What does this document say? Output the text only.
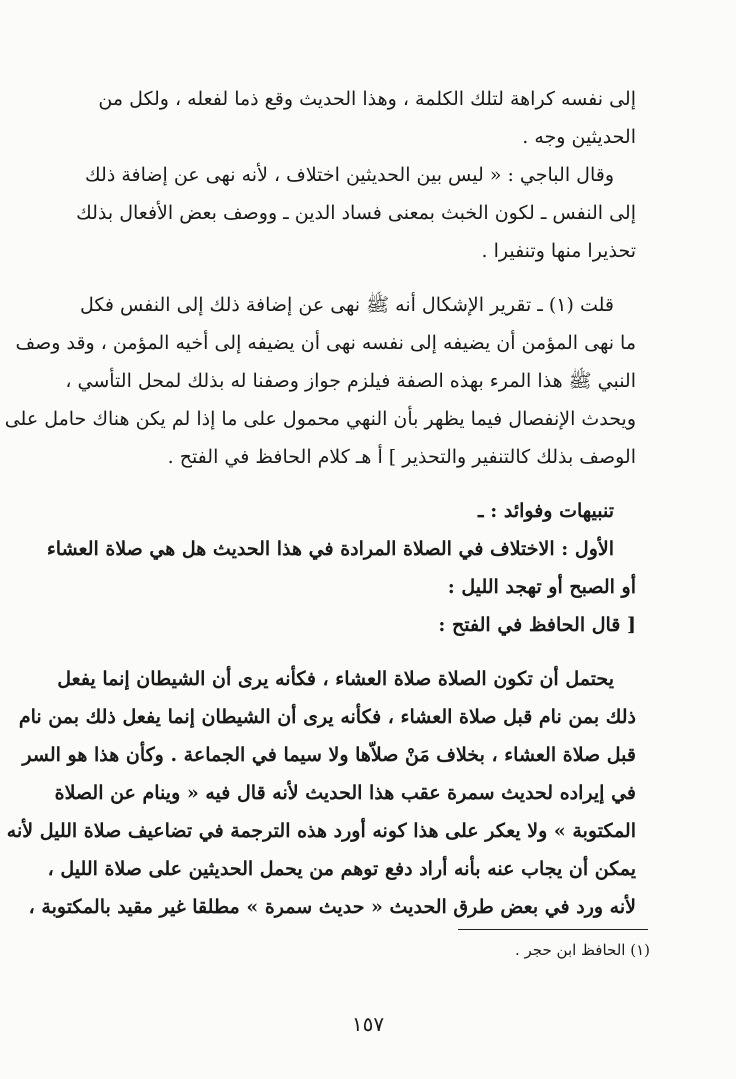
إلى نفسه كراهة لتلك الكلمة ، وهذا الحديث وقع ذما لفعله ، ولكل من
الحديثين وجه .
وقال الباجي : « ليس بين الحديثين اختلاف ، لأنه نهى عن إضافة ذلك
إلى النفس ـ لكون الخبث بمعنى فساد الدين ـ ووصف بعض الأفعال بذلك
تحذيرا منها وتنفيرا .
قلت (١) ـ تقرير الإشكال أنه ﷺ نهى عن إضافة ذلك إلى النفس فكل
ما نهى المؤمن أن يضيفه إلى نفسه نهى أن يضيفه إلى أخيه المؤمن ، وقد وصف
النبي ﷺ هذا المرء بهذه الصفة فيلزم جواز وصفنا له بذلك لمحل التأسي ،
ويحدث الإنفصال فيما يظهر بأن النهي محمول على ما إذا لم يكن هناك حامل على
الوصف بذلك كالتنفير والتحذير ] أ هـ كلام الحافظ في الفتح .
تنبيهات وفوائد : ـ
الأول : الاختلاف في الصلاة المرادة في هذا الحديث هل هي صلاة العشاء
أو الصبح أو تهجد الليل :
[ قال الحافظ في الفتح :
يحتمل أن تكون الصلاة صلاة العشاء ، فكأنه يرى أن الشيطان إنما يفعل
ذلك بمن نام قبل صلاة العشاء ، فكأنه يرى أن الشيطان إنما يفعل ذلك بمن نام
قبل صلاة العشاء ، بخلاف مَنْ صلاّها ولا سيما في الجماعة . وكأن هذا هو السر
في إيراده لحديث سمرة عقب هذا الحديث لأنه قال فيه « وينام عن الصلاة
المكتوبة » ولا يعكر على هذا كونه أورد هذه الترجمة في تضاعيف صلاة الليل لأنه
يمكن أن يجاب عنه بأنه أراد دفع توهم من يحمل الحديثين على صلاة الليل ،
لأنه ورد في بعض طرق الحديث « حديث سمرة » مطلقا غير مقيد بالمكتوبة ،
(١) الحافظ ابن حجر .
١٥٧
